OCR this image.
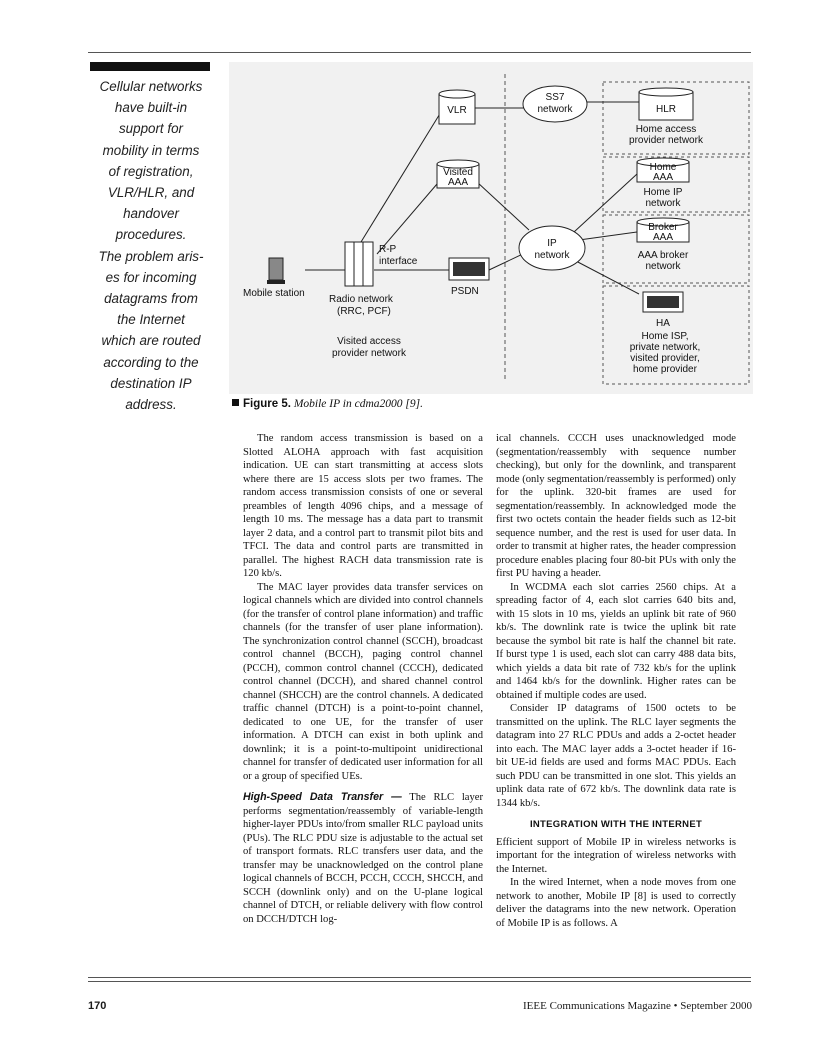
Cellular networks
have built-in
support for
mobility in terms
of registration,
VLR/HLR, and
handover
procedures.
The problem aris-
es for incoming
datagrams from
the Internet
which are routed
according to the
destination IP
address.
VLR
SS7
network	HLR
Home access
provider network
Visited
AAA
Home
AAA
Home IP
network
Broker
AAA
AAA broker
network
IP
network
Mobile station
R-P
interface
Radio network
(RRC, PCF)
PSDN
HA
Home ISP,
private network,
visited provider,
home provider
Visited access
provider network
Figure 5. Mobile IP in cdma2000 [9].

The random access transmission is based on a Slotted ALOHA approach with fast acquisition indication. UE can start transmitting at access slots where there are 15 access slots per two frames. The random access transmission consists of one or several preambles of length 4096 chips, and a message of length 10 ms. The message has a data part to transmit layer 2 data, and a control part to transmit pilot bits and TFCI. The data and control parts are transmitted in parallel. The highest RACH data transmission rate is 120 kb/s.

The MAC layer provides data transfer services on logical channels which are divided into control channels (for the transfer of control plane information) and traffic channels (for the transfer of user plane information). The synchronization control channel (SCCH), broadcast control channel (BCCH), paging control channel (PCCH), common control channel (CCCH), dedicated control channel (DCCH), and shared channel control channel (SHCCH) are the control channels. A dedicated traffic channel (DTCH) is a point-to-point channel, dedicated to one UE, for the transfer of user information. A DTCH can exist in both uplink and downlink; it is a point-to-multipoint unidirectional channel for transfer of dedicated user information for all or a group of specified UEs.

High-Speed Data Transfer — The RLC layer performs segmentation/reassembly of variable-length higher-layer PDUs into/from smaller RLC payload units (PUs). The RLC PDU size is adjustable to the actual set of transport formats. RLC transfers user data, and the transfer may be unacknowledged on the control plane logical channels of BCCH, PCCH, CCCH, SHCCH, and SCCH (downlink only) and on the U-plane logical channel of DTCH, or reliable delivery with flow control on DCCH/DTCH log-

ical channels. CCCH uses unacknowledged mode (segmentation/reassembly with sequence number checking), but only for the downlink, and transparent mode (only segmentation/reassembly is performed) only for the uplink. 320-bit frames are used for segmentation/reassembly. In acknowledged mode the first two octets contain the header fields such as 12-bit sequence number, and the rest is used for user data. In order to transmit at higher rates, the header compression procedure enables placing four 80-bit PUs with only the first PU having a header.

In WCDMA each slot carries 2560 chips. At a spreading factor of 4, each slot carries 640 bits and, with 15 slots in 10 ms, yields an uplink bit rate of 960 kb/s. The downlink rate is twice the uplink bit rate because the symbol bit rate is half the channel bit rate. If burst type 1 is used, each slot can carry 488 data bits, which yields a data bit rate of 732 kb/s for the uplink and 1464 kb/s for the downlink. Higher rates can be obtained if multiple codes are used.

Consider IP datagrams of 1500 octets to be transmitted on the uplink. The RLC layer segments the datagram into 27 RLC PDUs and adds a 2-octet header into each. The MAC layer adds a 3-octet header if 16-bit UE-id fields are used and forms MAC PDUs. Each such PDU can be transmitted in one slot. This yields an uplink data rate of 672 kb/s. The downlink data rate is 1344 kb/s.

INTEGRATION WITH THE INTERNET

Efficient support of Mobile IP in wireless networks is important for the integration of wireless networks with the Internet.

In the wired Internet, when a node moves from one network to another, Mobile IP [8] is used to correctly deliver the datagrams into the new network. Operation of Mobile IP is as follows. A

170	IEEE Communications Magazine • September 2000
